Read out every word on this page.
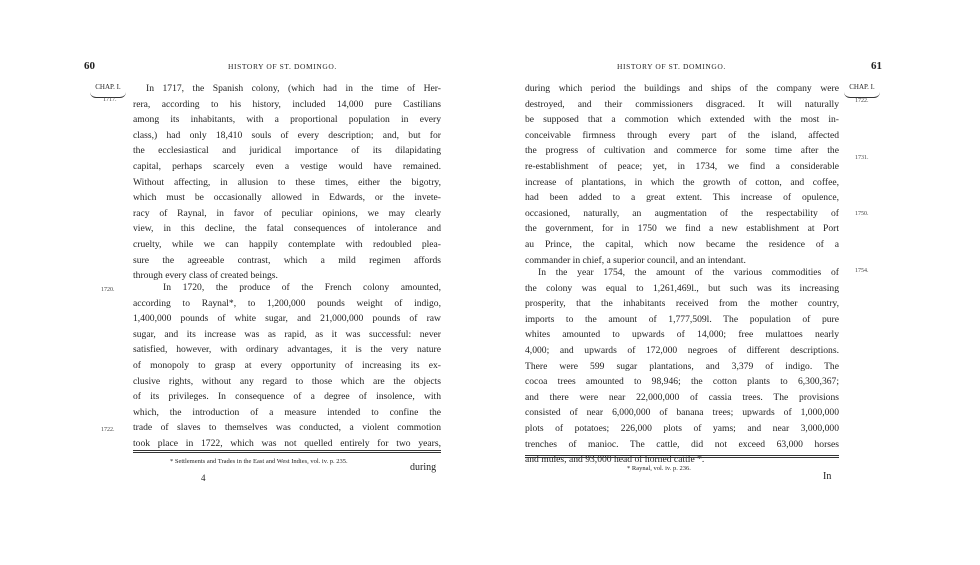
60	HISTORY OF ST. DOMINGO.
CHAP. I.
1717.
1720.
1722.

In 1717, the Spanish colony, (which had in the time of Her-

rera, according to his history, included 14,000 pure Castilians

among its inhabitants, with a proportional population in every

class,) had only 18,410 souls of every description; and, but for

the ecclesiastical and juridical importance of its dilapidating

capital, perhaps scarcely even a vestige would have remained.

Without affecting, in allusion to these times, either the bigotry,

which must be occasionally allowed in Edwards, or the invete-

racy of Raynal, in favor of peculiar opinions, we may clearly

view, in this decline, the fatal consequences of intolerance and

cruelty, while we can happily contemplate with redoubled plea-

sure the agreeable contrast, which a mild regimen affords

through every class of created beings.

In 1720, the produce of the French colony amounted,

according to Raynal*, to 1,200,000 pounds weight of indigo,

1,400,000 pounds of white sugar, and 21,000,000 pounds of raw

sugar, and its increase was as rapid, as it was successful: never

satisfied, however, with ordinary advantages, it is the very nature

of monopoly to grasp at every opportunity of increasing its ex-

clusive rights, without any regard to those which are the objects

of its privileges. In consequence of a degree of insolence, with

which, the introduction of a measure intended to confine the

trade of slaves to themselves was conducted, a violent commotion

took place in 1722, which was not quelled entirely for two years,

* Settlements and Trades in the East and West Indies, vol. iv. p. 235.
4
during
HISTORY OF ST. DOMINGO.	61
CHAP. I.
1722.
1731.
1750.
1754.

during which period the buildings and ships of the company were

destroyed, and their commissioners disgraced. It will naturally

be supposed that a commotion which extended with the most in-

conceivable firmness through every part of the island, affected

the progress of cultivation and commerce for some time after the

re-establishment of peace; yet, in 1734, we find a considerable

increase of plantations, in which the growth of cotton, and coffee,

had been added to a great extent. This increase of opulence,

occasioned, naturally, an augmentation of the respectability of

the government, for in 1750 we find a new establishment at Port

au Prince, the capital, which now became the residence of a

commander in chief, a superior council, and an intendant.

In the year 1754, the amount of the various commodities of

the colony was equal to 1,261,469l., but such was its increasing

prosperity, that the inhabitants received from the mother country,

imports to the amount of 1,777,509l. The population of pure

whites amounted to upwards of 14,000; free mulattoes nearly

4,000; and upwards of 172,000 negroes of different descriptions.

There were 599 sugar plantations, and 3,379 of indigo. The

cocoa trees amounted to 98,946; the cotton plants to 6,300,367;

and there were near 22,000,000 of cassia trees. The provisions

consisted of near 6,000,000 of banana trees; upwards of 1,000,000

plots of potatoes; 226,000 plots of yams; and near 3,000,000

trenches of manioc. The cattle, did not exceed 63,000 horses

and mules, and 93,000 head of horned cattle *.

* Raynal, vol. iv. p. 236.
In
